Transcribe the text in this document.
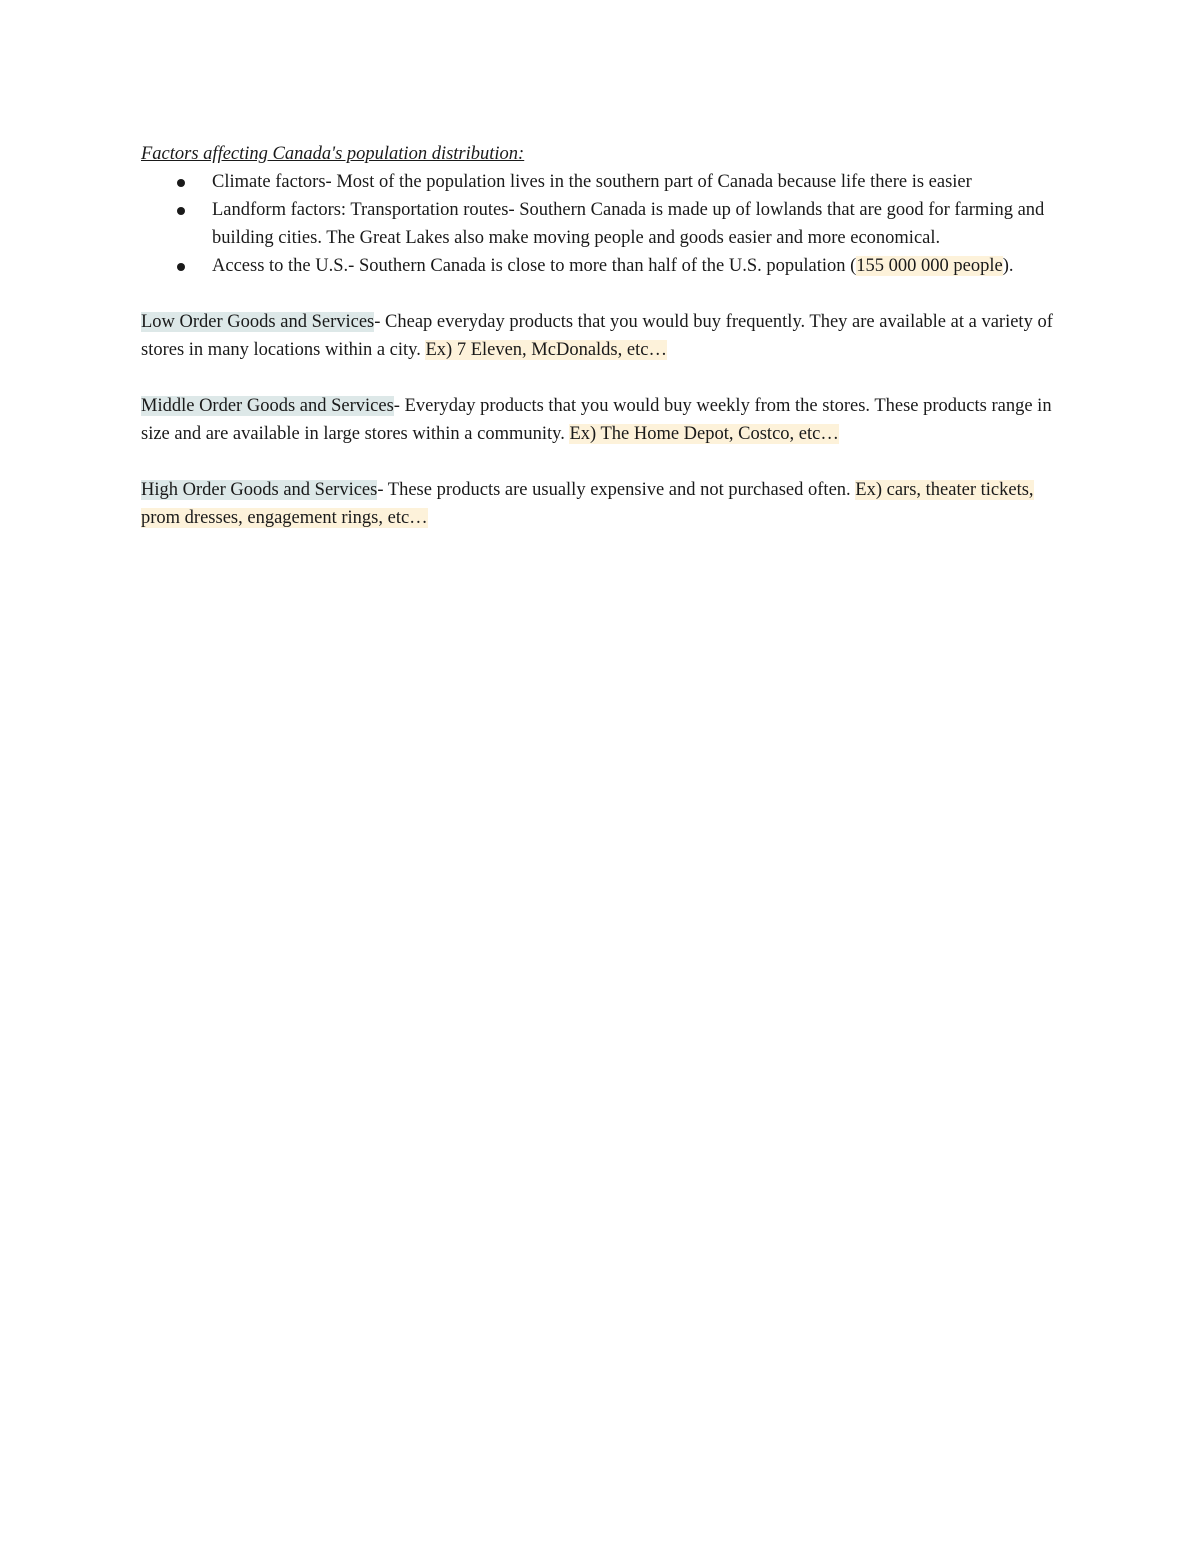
Factors affecting Canada's population distribution:

Climate factors- Most of the population lives in the southern part of Canada because life there is easier
Landform factors: Transportation routes- Southern Canada is made up of lowlands that are good for farming and building cities. The Great Lakes also make moving people and goods easier and more economical.
Access to the U.S.- Southern Canada is close to more than half of the U.S. population (155 000 000 people).

Low Order Goods and Services- Cheap everyday products that you would buy frequently. They are available at a variety of stores in many locations within a city. Ex) 7 Eleven, McDonalds, etc…

Middle Order Goods and Services- Everyday products that you would buy weekly from the stores. These products range in size and are available in large stores within a community. Ex) The Home Depot, Costco, etc…

High Order Goods and Services- These products are usually expensive and not purchased often. Ex) cars, theater tickets, prom dresses, engagement rings, etc…
